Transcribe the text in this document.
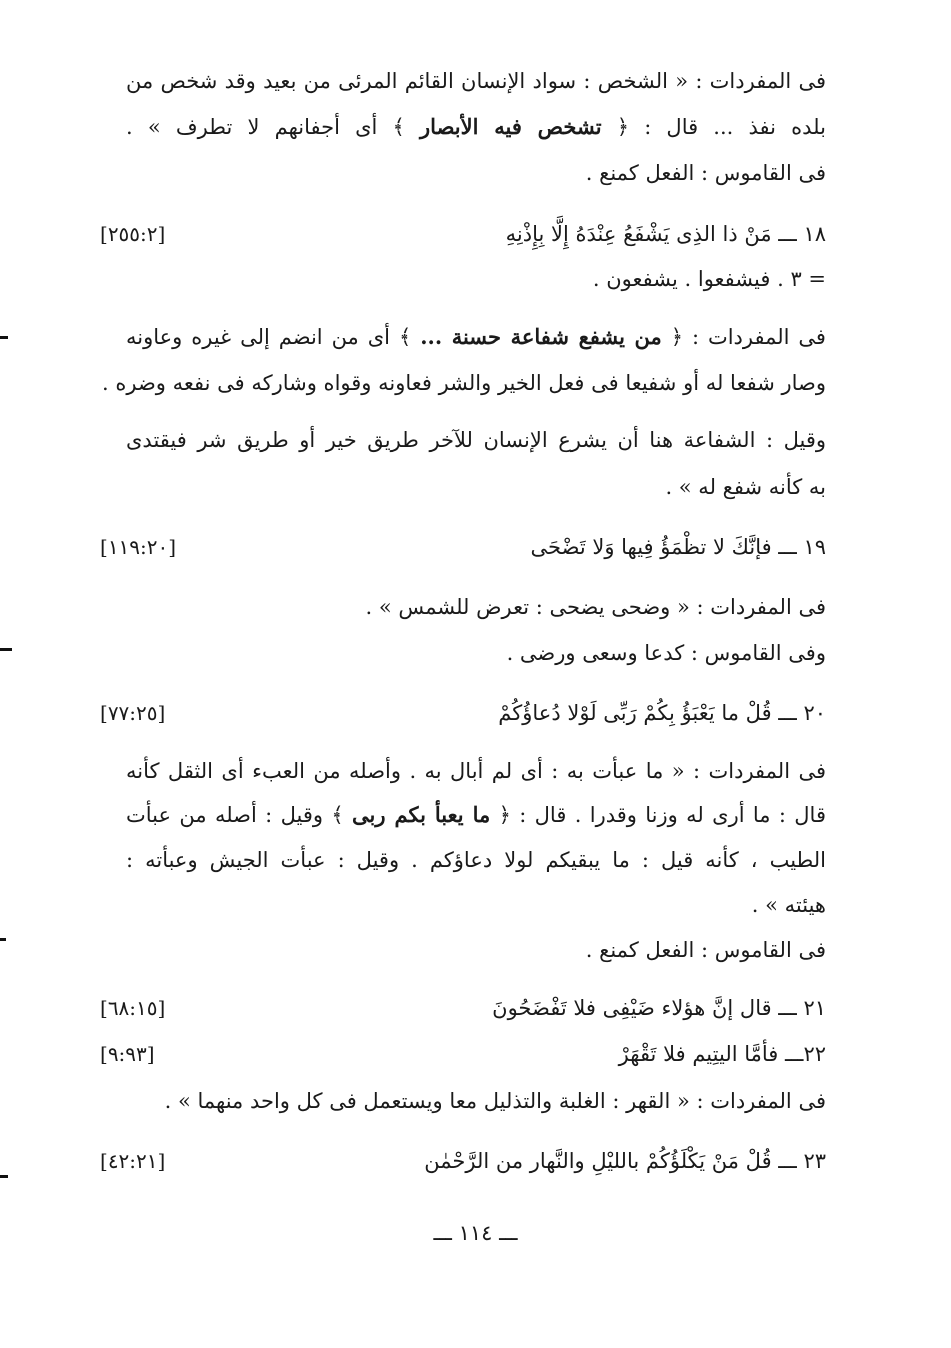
فى المفردات : « الشخص : سواد الإنسان القائم المرئى من بعيد وقد شخص من
بلده نفذ ... قال : ﴿ تشخص فيه الأبصار ﴾ أى أجفانهم لا تطرف » .
فى القاموس : الفعل كمنع .
١٨ ـــ مَنْ ذا الذِى يَشْفَعُ عِنْدَهُ إِلَّا بِإِذْنِهِ
[٢٥٥:٢]
= ٣ . فيشفعوا . يشفعون .
فى المفردات : ﴿ من يشفع شفاعة حسنة ... ﴾ أى من انضم إلى غيره وعاونه
وصار شفعا له أو شفيعا فى فعل الخير والشر فعاونه وقواه وشاركه فى نفعه وضره .
وقيل : الشفاعة هنا أن يشرع الإنسان للآخر طريق خير أو طريق شر فيقتدى
به كأنه شفع له » .
١٩ ـــ فإنَّكَ لا تظْمَؤُ فِيها وَلا تَضْحَى
[١١٩:٢٠]
فى المفردات : « وضحى يضحى : تعرض للشمس » .
وفى القاموس : كدعا وسعى ورضى .
٢٠ ـــ قُلْ ما يَعْبَؤُ بِكُمْ رَبِّى لَوْلا دُعاؤُكُمْ
[٧٧:٢٥]
فى المفردات : « ما عبأت به : أى لم أبال به . وأصله من العبء أى الثقل كأنه
قال : ما أرى له وزنا وقدرا . قال : ﴿ ما يعبأ بكم ربى ﴾ وقيل : أصله من عبأت
الطيب ، كأنه قيل : ما يبقيكم لولا دعاؤكم . وقيل : عبأت الجيش وعبأته :
هيئته » .
فى القاموس : الفعل كمنع .
٢١ ـــ قال إنَّ هؤلاء ضَيْفِى فلا تَفْضَحُونَ
[٦٨:١٥]
٢٢ـــ فأمَّا اليتِيم فلا تَقْهَرْ
[٩:٩٣]
فى المفردات : « القهر : الغلبة والتذليل معا ويستعمل فى كل واحد منهما » .
٢٣ ـــ قُلْ مَنْ يَكْلَؤُكُمْ بالليْلِ والنَّهار من الرَّحْمٰن
[٤٢:٢١]
ـــ ١١٤ ـــ
